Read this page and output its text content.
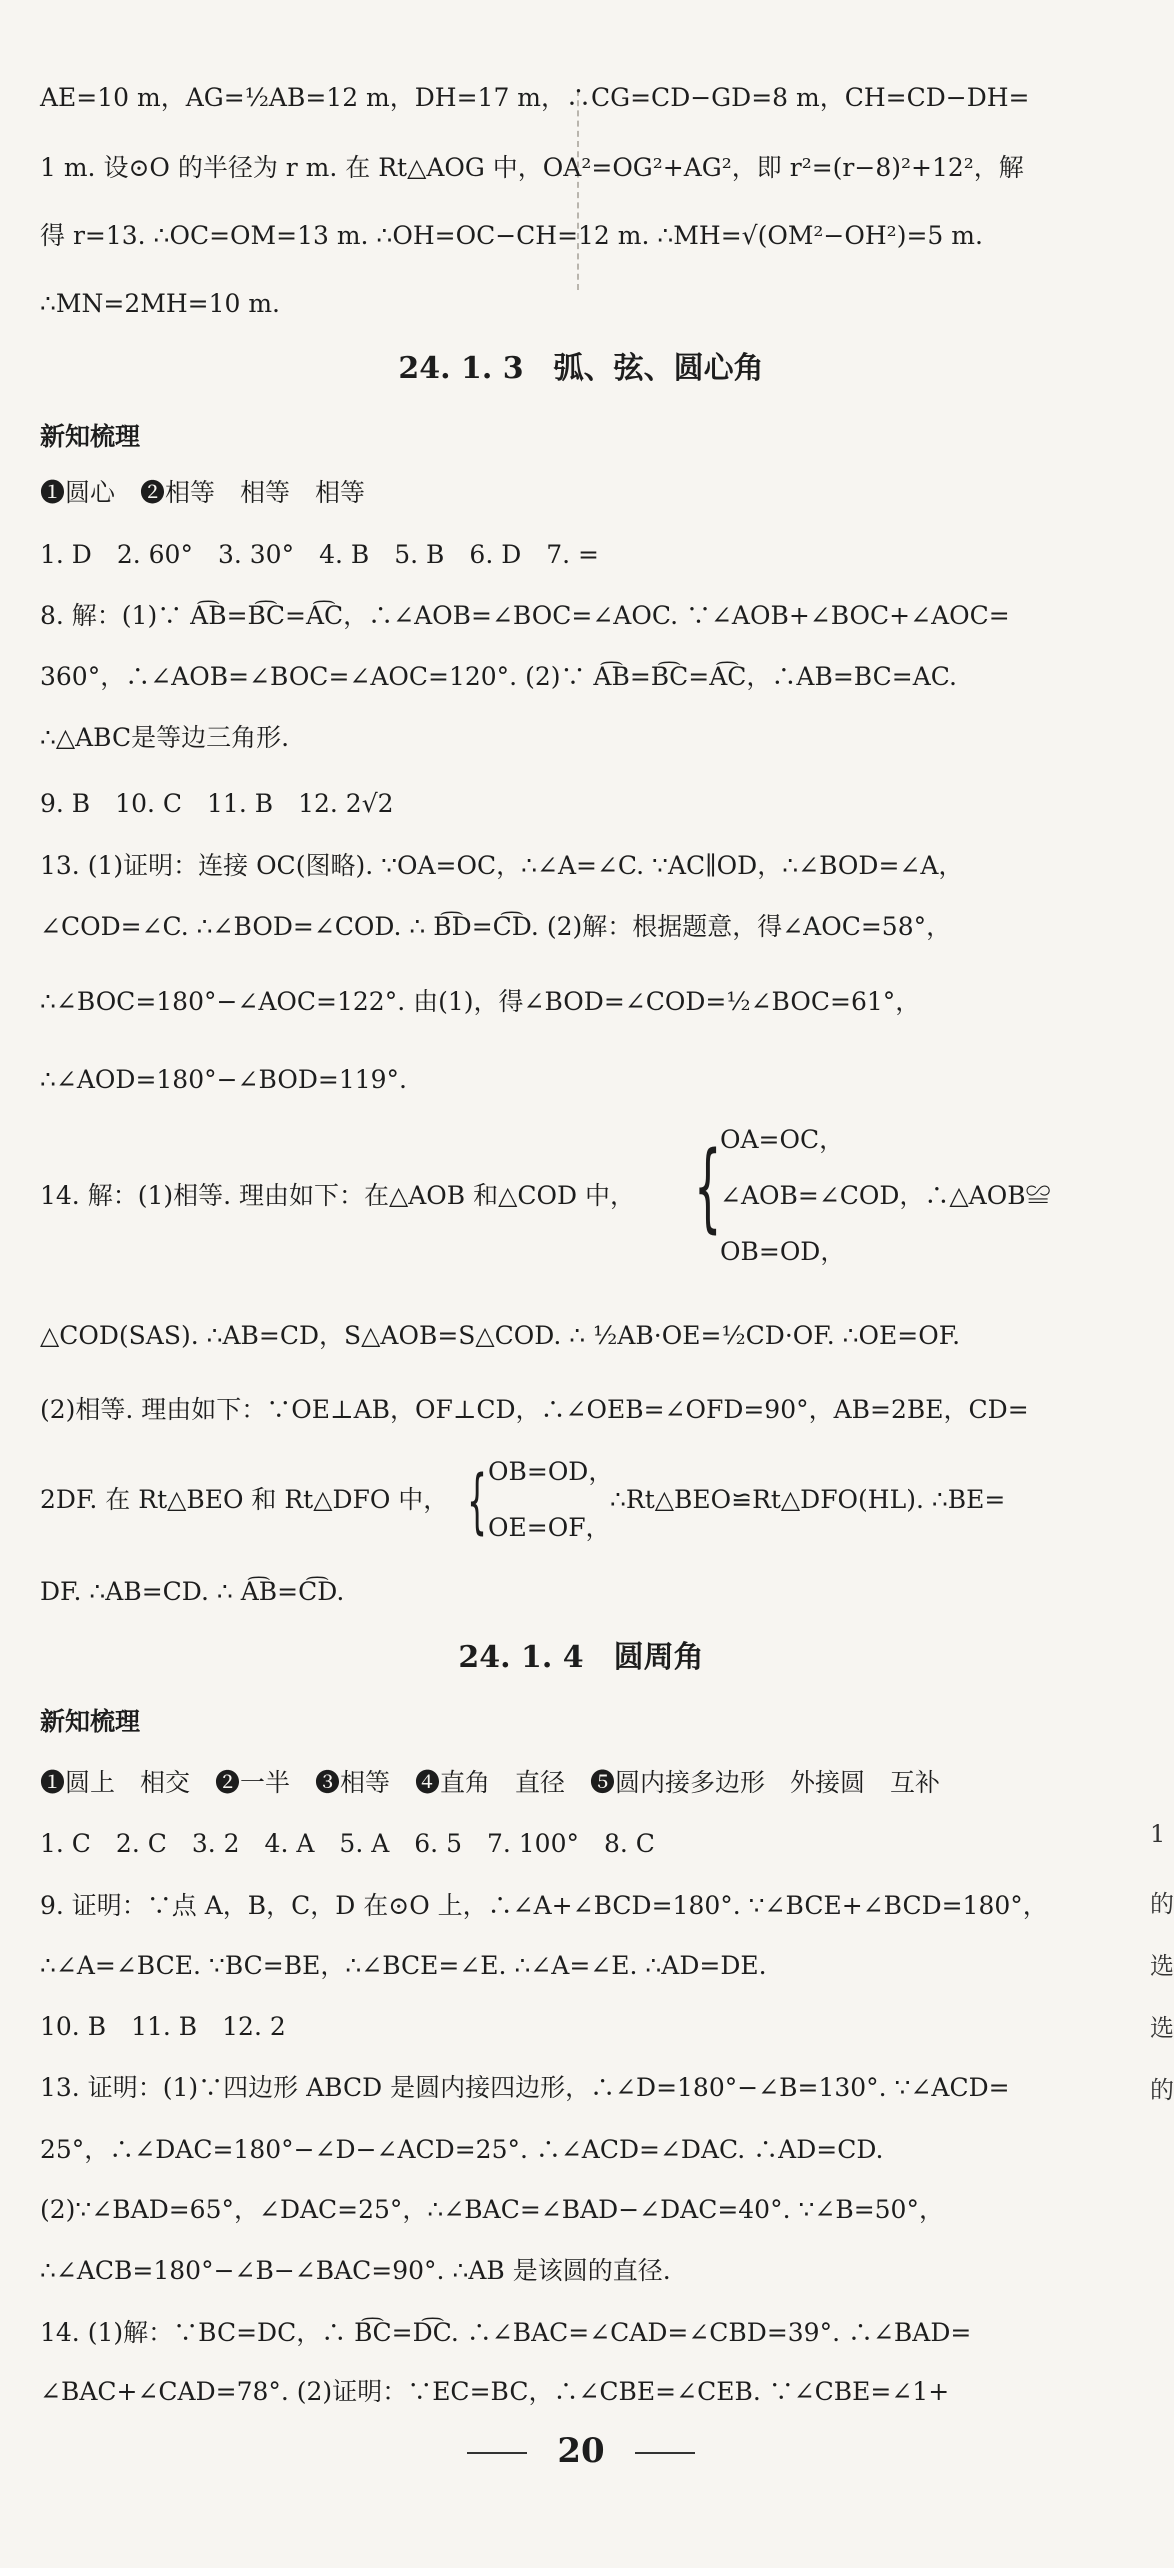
AE=10 m，AG=½AB=12 m，DH=17 m，∴CG=CD−GD=8 m，CH=CD−DH=
1 m. 设⊙O 的半径为 r m. 在 Rt△AOG 中，OA²=OG²+AG²，即 r²=(r−8)²+12²，解
得 r=13. ∴OC=OM=13 m. ∴OH=OC−CH=12 m. ∴MH=√(OM²−OH²)=5 m.
∴MN=2MH=10 m.
24. 1. 3　弧、弦、圆心角
新知梳理
❶圆心　❷相等　相等　相等
1. D　2. 60°　3. 30°　4. B　5. B　6. D　7. =
8. 解：(1)∵ A͡B=B͡C=A͡C，∴∠AOB=∠BOC=∠AOC. ∵∠AOB+∠BOC+∠AOC=
360°，∴∠AOB=∠BOC=∠AOC=120°. (2)∵ A͡B=B͡C=A͡C，∴AB=BC=AC.
∴△ABC是等边三角形.
9. B　10. C　11. B　12. 2√2
13. (1)证明：连接 OC(图略). ∵OA=OC，∴∠A=∠C. ∵AC∥OD，∴∠BOD=∠A，
∠COD=∠C. ∴∠BOD=∠COD. ∴ B͡D=C͡D. (2)解：根据题意，得∠AOC=58°，
∴∠BOC=180°−∠AOC=122°. 由(1)，得∠BOD=∠COD=½∠BOC=61°，
∴∠AOD=180°−∠BOD=119°.
14. 解：(1)相等. 理由如下：在△AOB 和△COD 中， {
OA=OC，
∠AOB=∠COD，∴△AOB≌
OB=OD，
△COD(SAS). ∴AB=CD，S△AOB=S△COD. ∴ ½AB·OE=½CD·OF. ∴OE=OF.
(2)相等. 理由如下：∵OE⊥AB，OF⊥CD，∴∠OEB=∠OFD=90°，AB=2BE，CD=
2DF. 在 Rt△BEO 和 Rt△DFO 中， { OB=OD，
OE=OF，
∴Rt△BEO≌Rt△DFO(HL). ∴BE=
DF. ∴AB=CD. ∴ A͡B=C͡D.
24. 1. 4　圆周角
新知梳理
❶圆上　相交　❷一半　❸相等　❹直角　直径　❺圆内接多边形　外接圆　互补
1. C　2. C　3. 2　4. A　5. A　6. 5　7. 100°　8. C
9. 证明：∵点 A，B，C，D 在⊙O 上，∴∠A+∠BCD=180°. ∵∠BCE+∠BCD=180°，
∴∠A=∠BCE. ∵BC=BE，∴∠BCE=∠E. ∴∠A=∠E. ∴AD=DE.
10. B　11. B　12. 2
13. 证明：(1)∵四边形 ABCD 是圆内接四边形，∴∠D=180°−∠B=130°. ∵∠ACD=
25°，∴∠DAC=180°−∠D−∠ACD=25°. ∴∠ACD=∠DAC. ∴AD=CD.
(2)∵∠BAD=65°，∠DAC=25°，∴∠BAC=∠BAD−∠DAC=40°. ∵∠B=50°，
∴∠ACB=180°−∠B−∠BAC=90°. ∴AB 是该圆的直径.
14. (1)解：∵BC=DC，∴ B͡C=D͡C. ∴∠BAC=∠CAD=∠CBD=39°. ∴∠BAD=
∠BAC+∠CAD=78°. (2)证明：∵EC=BC，∴∠CBE=∠CEB. ∵∠CBE=∠1+
20
1
的
选
选
的
